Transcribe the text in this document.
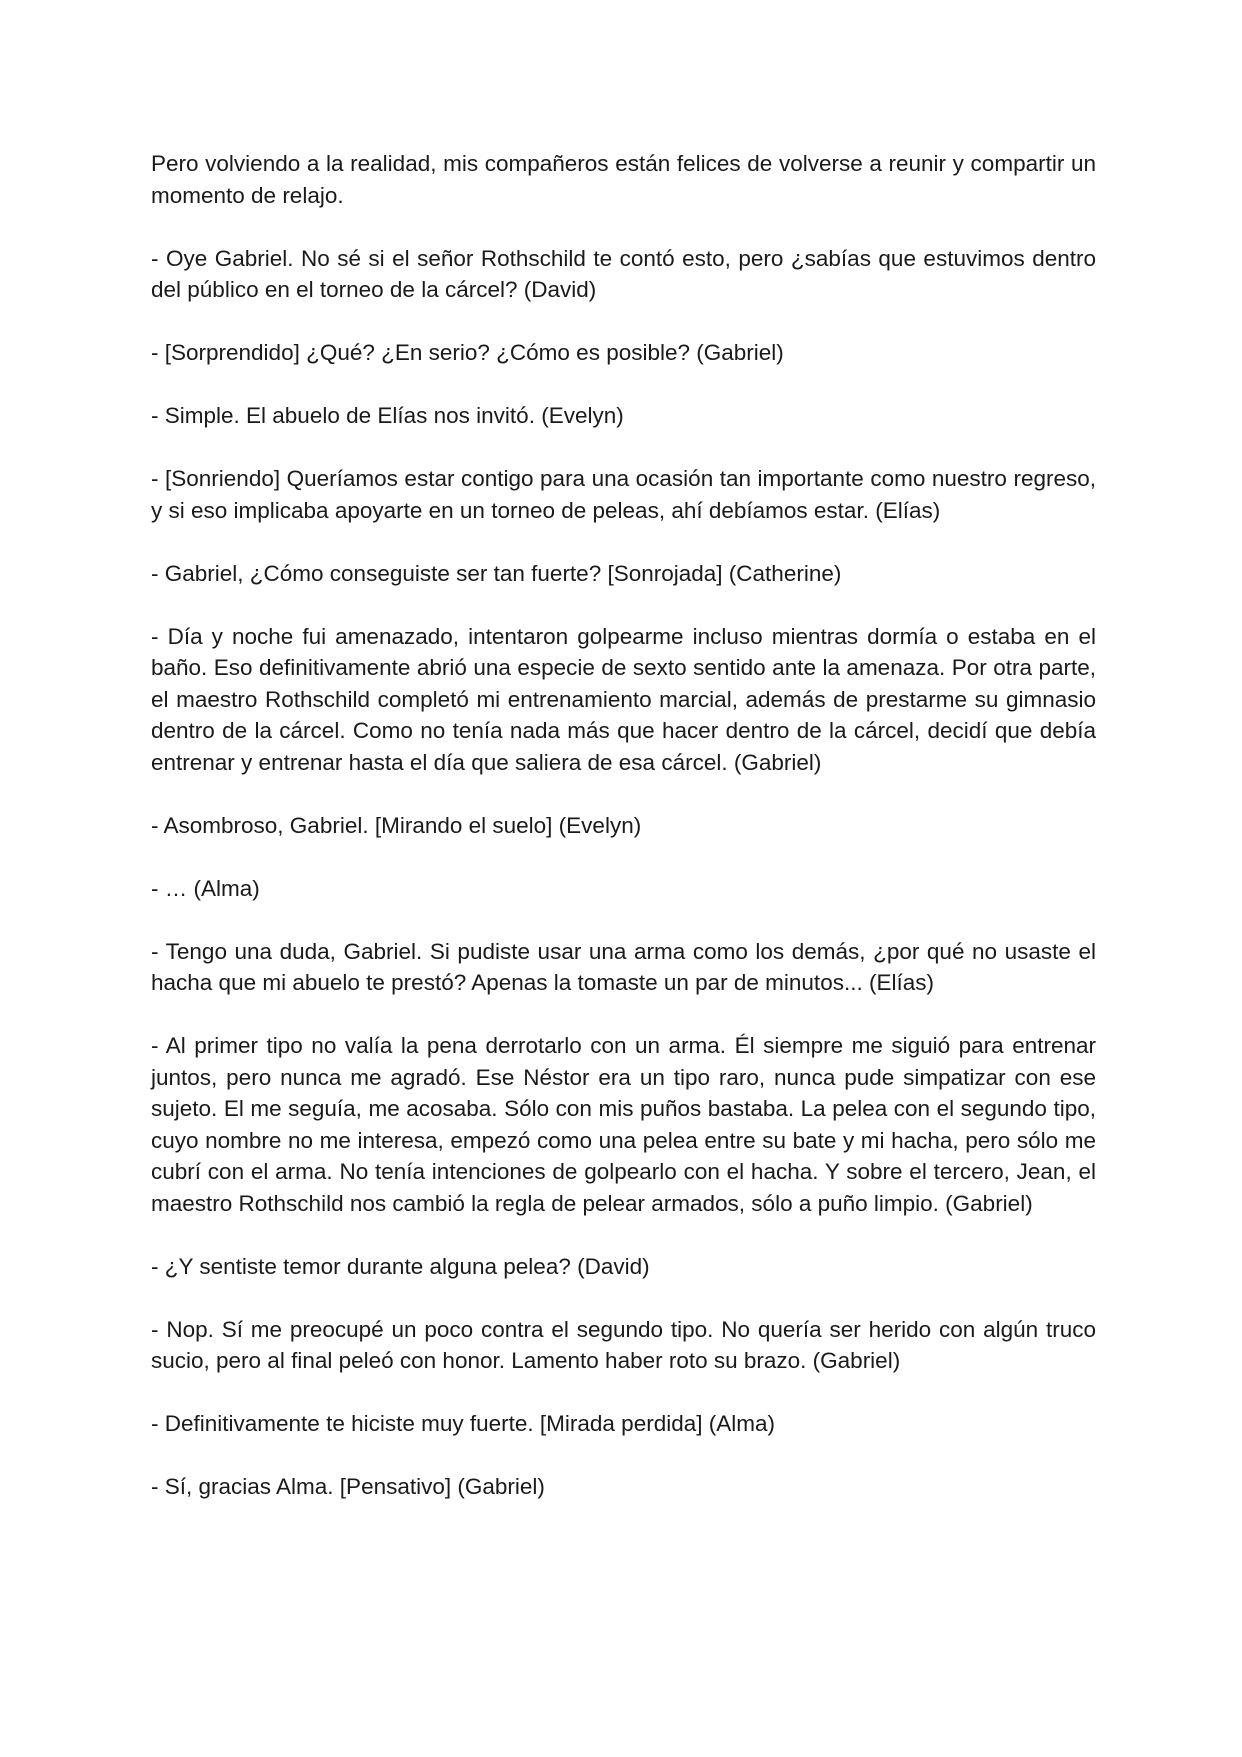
Pero volviendo a la realidad, mis compañeros están felices de volverse a reunir y compartir un momento de relajo.

- Oye Gabriel. No sé si el señor Rothschild te contó esto, pero ¿sabías que estuvimos dentro del público en el torneo de la cárcel? (David)

- [Sorprendido] ¿Qué? ¿En serio? ¿Cómo es posible? (Gabriel)

- Simple. El abuelo de Elías nos invitó. (Evelyn)

- [Sonriendo] Queríamos estar contigo para una ocasión tan importante como nuestro regreso, y si eso implicaba apoyarte en un torneo de peleas, ahí debíamos estar. (Elías)

- Gabriel, ¿Cómo conseguiste ser tan fuerte? [Sonrojada] (Catherine)

- Día y noche fui amenazado, intentaron golpearme incluso mientras dormía o estaba en el baño. Eso definitivamente abrió una especie de sexto sentido ante la amenaza. Por otra parte, el maestro Rothschild completó mi entrenamiento marcial, además de prestarme su gimnasio dentro de la cárcel. Como no tenía nada más que hacer dentro de la cárcel, decidí que debía entrenar y entrenar hasta el día que saliera de esa cárcel. (Gabriel)

- Asombroso, Gabriel. [Mirando el suelo] (Evelyn)

- … (Alma)

- Tengo una duda, Gabriel. Si pudiste usar una arma como los demás, ¿por qué no usaste el hacha que mi abuelo te prestó? Apenas la tomaste un par de minutos... (Elías)

- Al primer tipo no valía la pena derrotarlo con un arma. Él siempre me siguió para entrenar juntos, pero nunca me agradó. Ese Néstor era un tipo raro, nunca pude simpatizar con ese sujeto. El me seguía, me acosaba. Sólo con mis puños bastaba. La pelea con el segundo tipo, cuyo nombre no me interesa, empezó como una pelea entre su bate y mi hacha, pero sólo me cubrí con el arma. No tenía intenciones de golpearlo con el hacha. Y sobre el tercero, Jean, el maestro Rothschild nos cambió la regla de pelear armados, sólo a puño limpio. (Gabriel)

- ¿Y sentiste temor durante alguna pelea? (David)

- Nop. Sí me preocupé un poco contra el segundo tipo. No quería ser herido con algún truco sucio, pero al final peleó con honor. Lamento haber roto su brazo. (Gabriel)

- Definitivamente te hiciste muy fuerte. [Mirada perdida] (Alma)

- Sí, gracias Alma. [Pensativo] (Gabriel)
